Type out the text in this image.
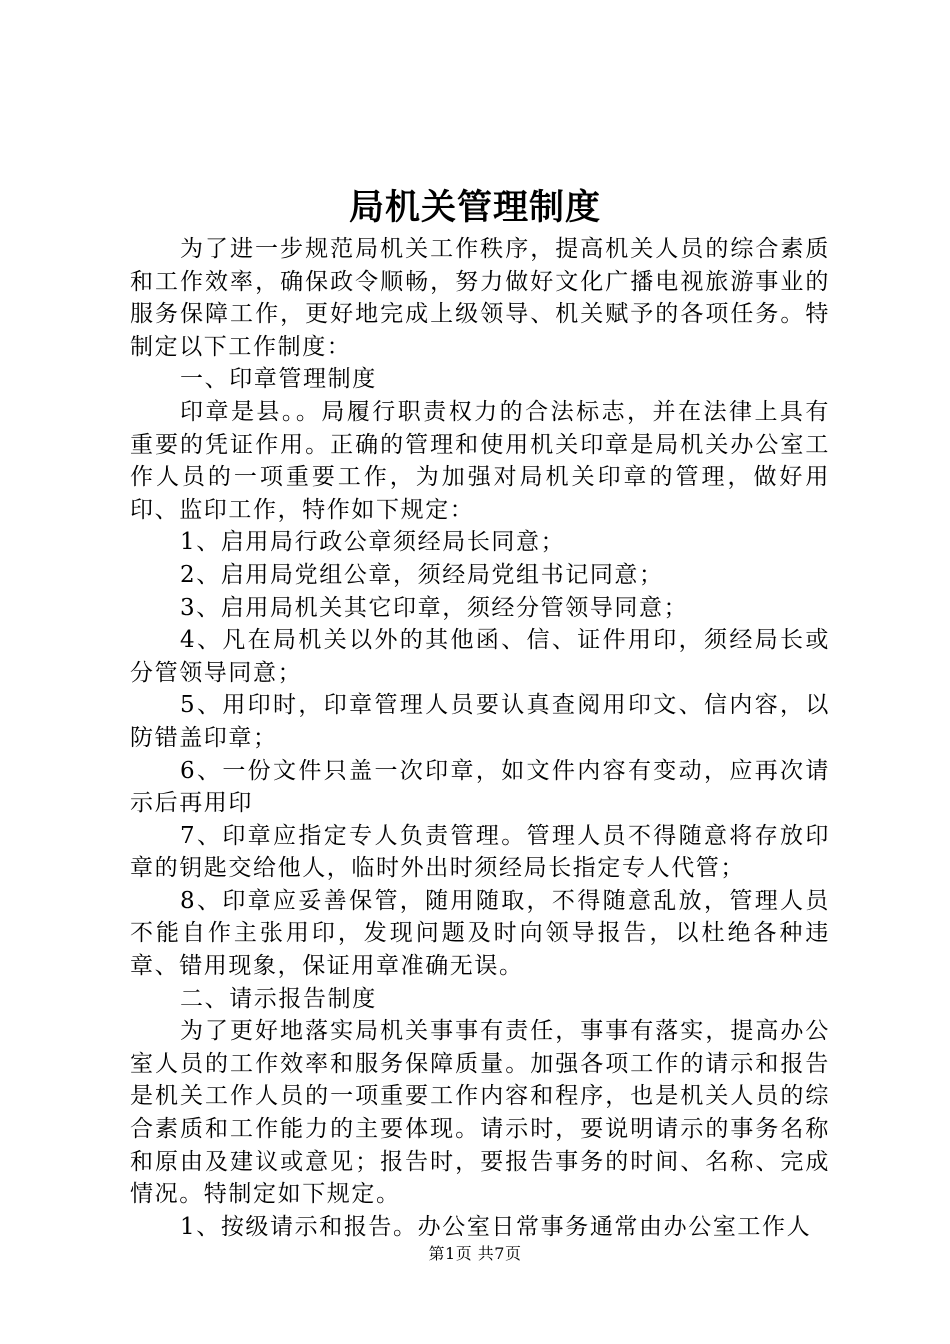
局机关管理制度

为了进一步规范局机关工作秩序，提高机关人员的综合素质和工作效率，确保政令顺畅，努力做好文化广播电视旅游事业的服务保障工作，更好地完成上级领导、机关赋予的各项任务。特制定以下工作制度：

一、印章管理制度

印章是县。。局履行职责权力的合法标志，并在法律上具有重要的凭证作用。正确的管理和使用机关印章是局机关办公室工作人员的一项重要工作，为加强对局机关印章的管理，做好用印、监印工作，特作如下规定：

1、启用局行政公章须经局长同意；

2、启用局党组公章，须经局党组书记同意；

3、启用局机关其它印章，须经分管领导同意；

4、凡在局机关以外的其他函、信、证件用印，须经局长或分管领导同意；

5、用印时，印章管理人员要认真查阅用印文、信内容，以防错盖印章；

6、一份文件只盖一次印章，如文件内容有变动，应再次请示后再用印

7、印章应指定专人负责管理。管理人员不得随意将存放印章的钥匙交给他人，临时外出时须经局长指定专人代管；

8、印章应妥善保管，随用随取，不得随意乱放，管理人员不能自作主张用印，发现问题及时向领导报告，以杜绝各种违章、错用现象，保证用章准确无误。

二、请示报告制度

为了更好地落实局机关事事有责任，事事有落实，提高办公室人员的工作效率和服务保障质量。加强各项工作的请示和报告是机关工作人员的一项重要工作内容和程序，也是机关人员的综合素质和工作能力的主要体现。请示时，要说明请示的事务名称和原由及建议或意见；报告时，要报告事务的时间、名称、完成情况。特制定如下规定。

1、按级请示和报告。办公室日常事务通常由办公室工作人

第1页 共7页
